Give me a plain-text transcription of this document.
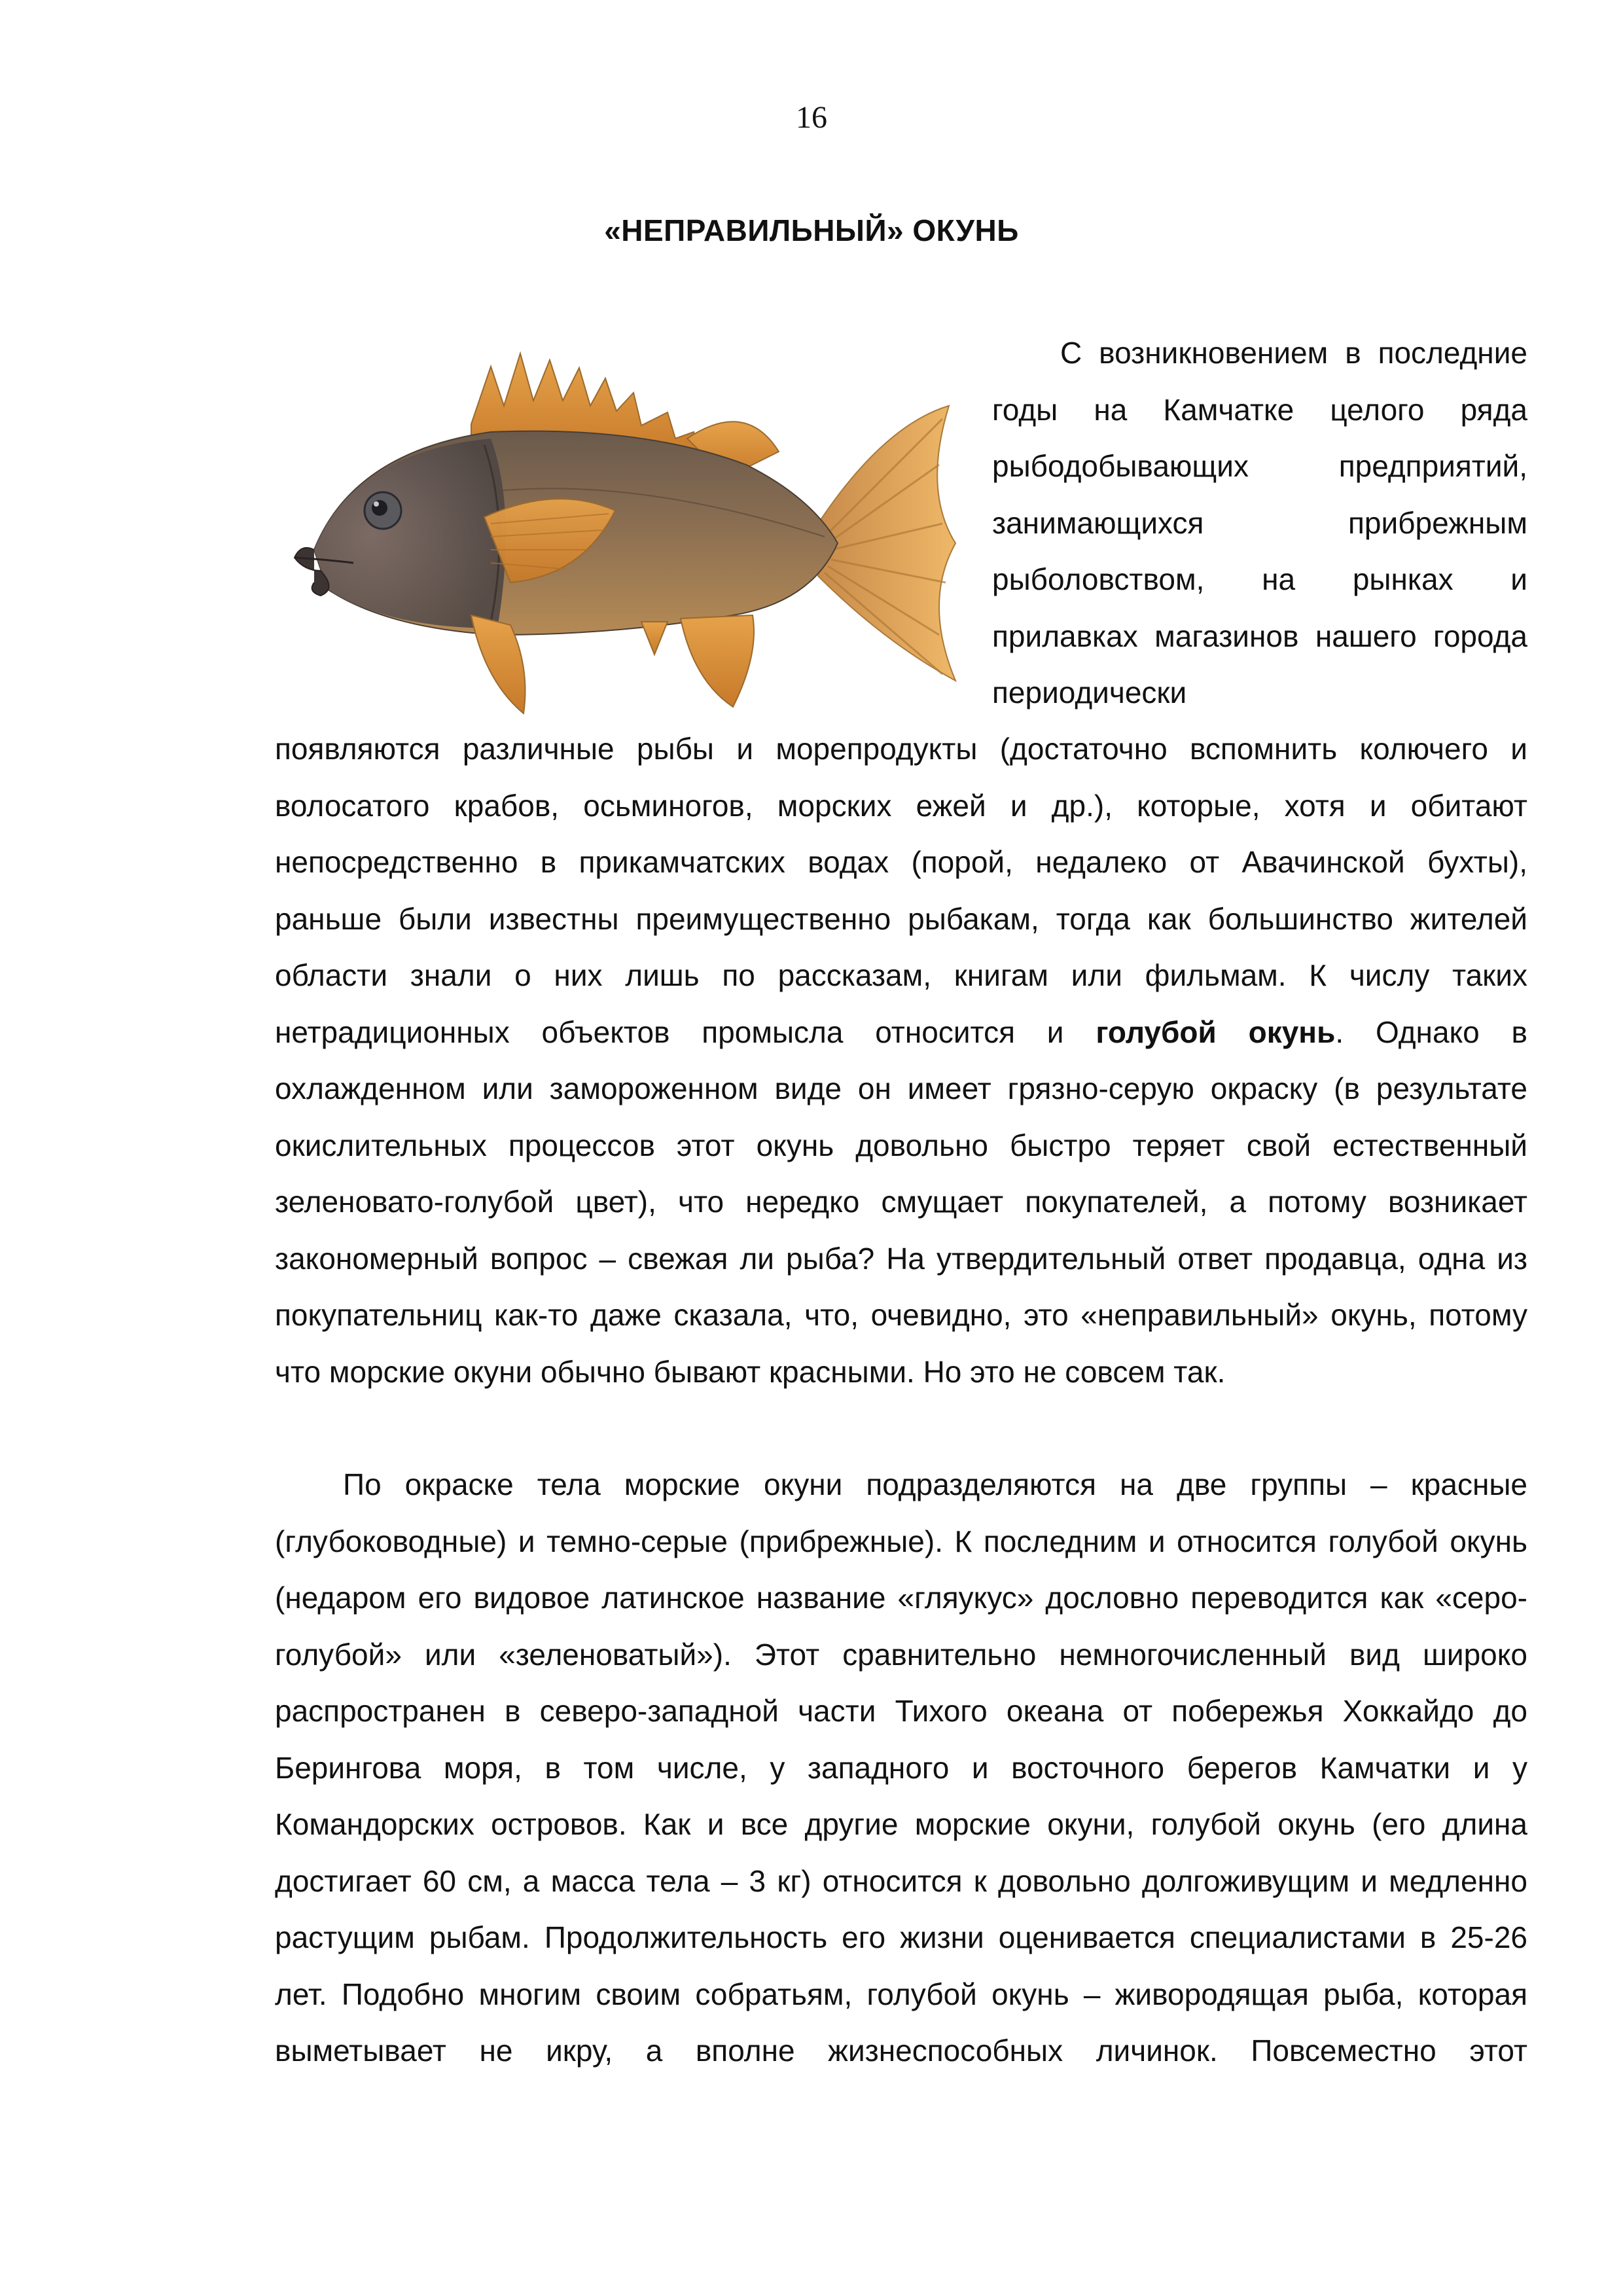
16
«НЕПРАВИЛЬНЫЙ» ОКУНЬ

С возникновением в последние годы на Камчатке целого ряда рыбодобывающих предприятий, занимающихся прибрежным рыболовством, на рынках и прилавках магазинов нашего города периодически

появляются различные рыбы и морепродукты (достаточно вспомнить колючего и волосатого крабов, осьминогов, морских ежей и др.), которые, хотя и обитают непосредственно в прикамчатских водах (порой, недалеко от Авачинской бухты), раньше были известны преимущественно рыбакам, тогда как большинство жителей области знали о них лишь по рассказам, книгам или фильмам. К числу таких нетрадиционных объектов промысла относится и голубой окунь. Однако в охлажденном или замороженном виде он имеет грязно-серую окраску (в результате окислительных процессов этот окунь довольно быстро теряет свой естественный зеленовато-голубой цвет), что нередко смущает покупателей, а потому возникает закономерный вопрос – свежая ли рыба? На утвердительный ответ продавца, одна из покупательниц как-то даже сказала, что, очевидно, это «неправильный» окунь, потому что морские окуни обычно бывают красными. Но это не совсем так.

По окраске тела морские окуни подразделяются на две группы – красные (глубоководные) и темно-серые (прибрежные). К последним и относится голубой окунь (недаром его видовое латинское название «гляукус» дословно переводится как «серо-голубой» или «зеленоватый»). Этот сравнительно немногочисленный вид широко распространен в северо-западной части Тихого океана от побережья Хоккайдо до Берингова моря, в том числе, у западного и восточного берегов Камчатки и у Командорских островов. Как и все другие морские окуни, голубой окунь (его длина достигает 60 см, а масса тела – 3 кг) относится к довольно долгоживущим и медленно растущим рыбам. Продолжительность его жизни оценивается специалистами в 25-26 лет. Подобно многим своим собратьям, голубой окунь – живородящая рыба, которая выметывает не икру, а вполне жизнеспособных личинок. Повсеместно этот
